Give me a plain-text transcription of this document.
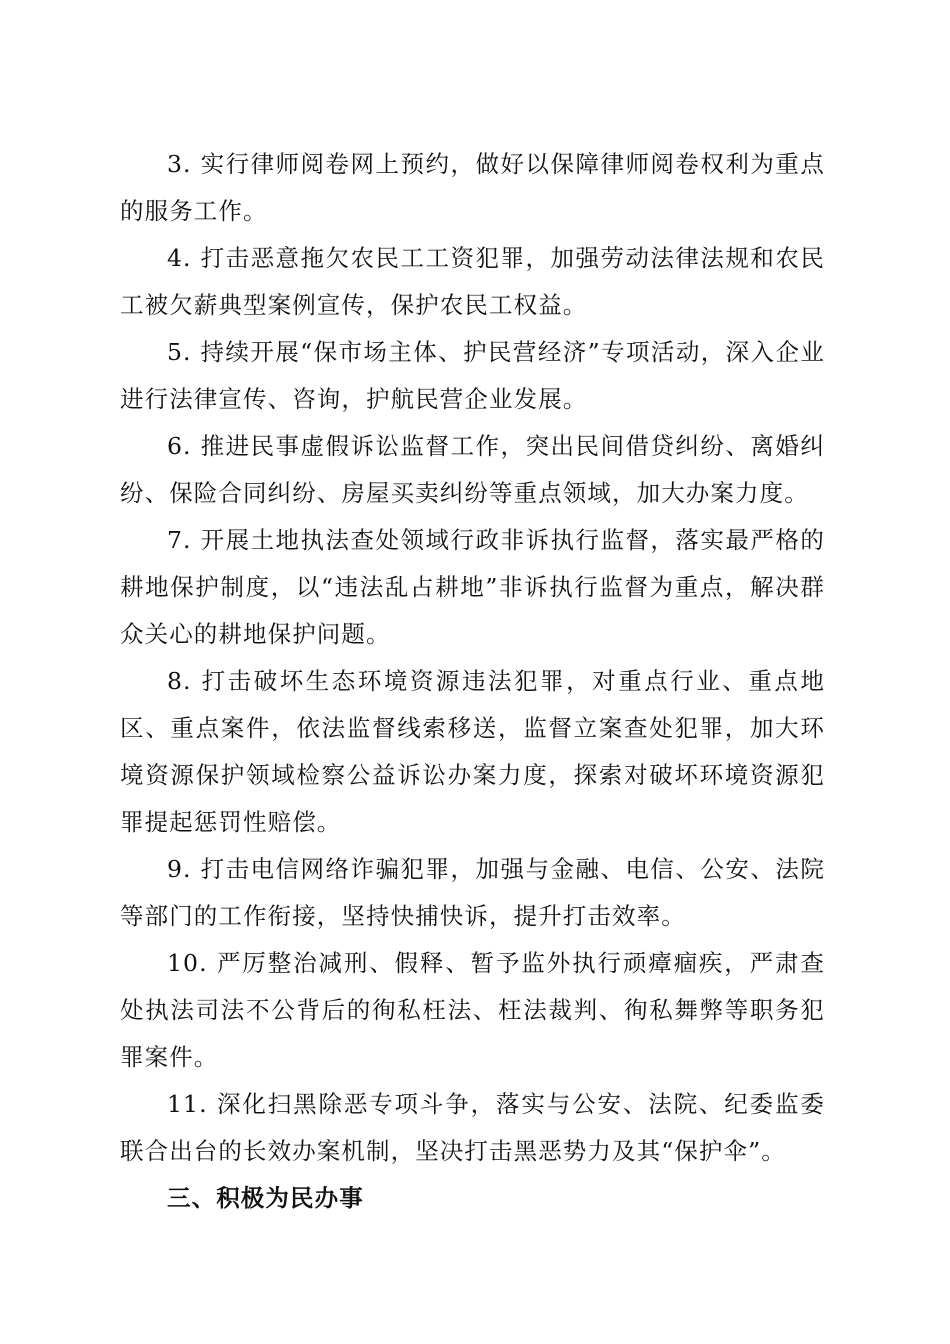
3. 实行律师阅卷网上预约，做好以保障律师阅卷权利为重点的服务工作。

4. 打击恶意拖欠农民工工资犯罪，加强劳动法律法规和农民工被欠薪典型案例宣传，保护农民工权益。

5. 持续开展“保市场主体、护民营经济”专项活动，深入企业进行法律宣传、咨询，护航民营企业发展。

6. 推进民事虚假诉讼监督工作，突出民间借贷纠纷、离婚纠纷、保险合同纠纷、房屋买卖纠纷等重点领域，加大办案力度。

7. 开展土地执法查处领域行政非诉执行监督，落实最严格的耕地保护制度，以“违法乱占耕地”非诉执行监督为重点，解决群众关心的耕地保护问题。

8. 打击破坏生态环境资源违法犯罪，对重点行业、重点地区、重点案件，依法监督线索移送，监督立案查处犯罪，加大环境资源保护领域检察公益诉讼办案力度，探索对破坏环境资源犯罪提起惩罚性赔偿。

9. 打击电信网络诈骗犯罪，加强与金融、电信、公安、法院等部门的工作衔接，坚持快捕快诉，提升打击效率。

10. 严厉整治减刑、假释、暂予监外执行顽瘴痼疾，严肃查处执法司法不公背后的徇私枉法、枉法裁判、徇私舞弊等职务犯罪案件。

11. 深化扫黑除恶专项斗争，落实与公安、法院、纪委监委联合出台的长效办案机制，坚决打击黑恶势力及其“保护伞”。

三、积极为民办事
